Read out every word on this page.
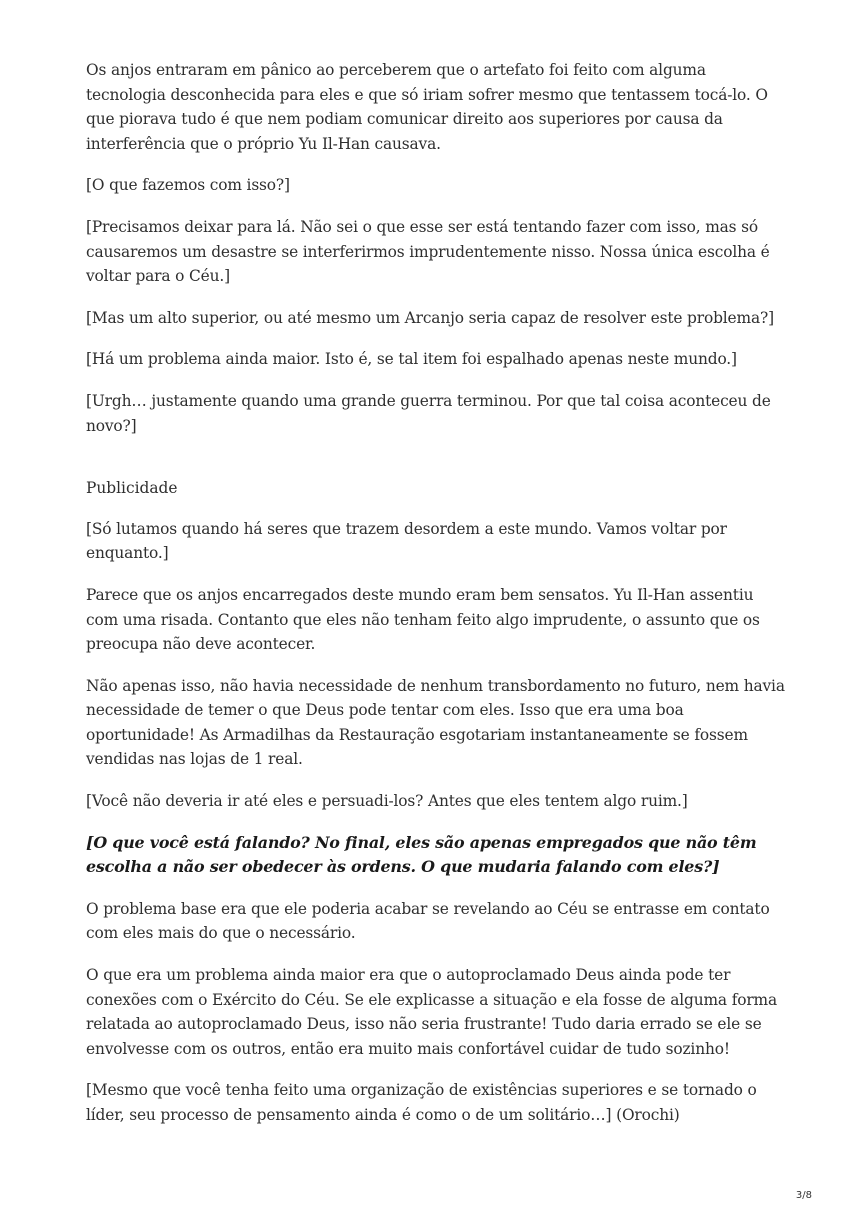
Os anjos entraram em pânico ao perceberem que o artefato foi feito com alguma tecnologia desconhecida para eles e que só iriam sofrer mesmo que tentassem tocá-lo. O que piorava tudo é que nem podiam comunicar direito aos superiores por causa da interferência que o próprio Yu Il-Han causava.

[O que fazemos com isso?]

[Precisamos deixar para lá. Não sei o que esse ser está tentando fazer com isso, mas só causaremos um desastre se interferirmos imprudentemente nisso. Nossa única escolha é voltar para o Céu.]

[Mas um alto superior, ou até mesmo um Arcanjo seria capaz de resolver este problema?]

[Há um problema ainda maior. Isto é, se tal item foi espalhado apenas neste mundo.]

[Urgh… justamente quando uma grande guerra terminou. Por que tal coisa aconteceu de novo?]

Publicidade

[Só lutamos quando há seres que trazem desordem a este mundo. Vamos voltar por enquanto.]

Parece que os anjos encarregados deste mundo eram bem sensatos. Yu Il-Han assentiu com uma risada. Contanto que eles não tenham feito algo imprudente, o assunto que os preocupa não deve acontecer.

Não apenas isso, não havia necessidade de nenhum transbordamento no futuro, nem havia necessidade de temer o que Deus pode tentar com eles. Isso que era uma boa oportunidade! As Armadilhas da Restauração esgotariam instantaneamente se fossem vendidas nas lojas de 1 real.

[Você não deveria ir até eles e persuadi-los? Antes que eles tentem algo ruim.]

[O que você está falando? No final, eles são apenas empregados que não têm escolha a não ser obedecer às ordens. O que mudaria falando com eles?]

O problema base era que ele poderia acabar se revelando ao Céu se entrasse em contato com eles mais do que o necessário.

O que era um problema ainda maior era que o autoproclamado Deus ainda pode ter conexões com o Exército do Céu. Se ele explicasse a situação e ela fosse de alguma forma relatada ao autoproclamado Deus, isso não seria frustrante! Tudo daria errado se ele se envolvesse com os outros, então era muito mais confortável cuidar de tudo sozinho!

[Mesmo que você tenha feito uma organização de existências superiores e se tornado o líder, seu processo de pensamento ainda é como o de um solitário…] (Orochi)

3/8
